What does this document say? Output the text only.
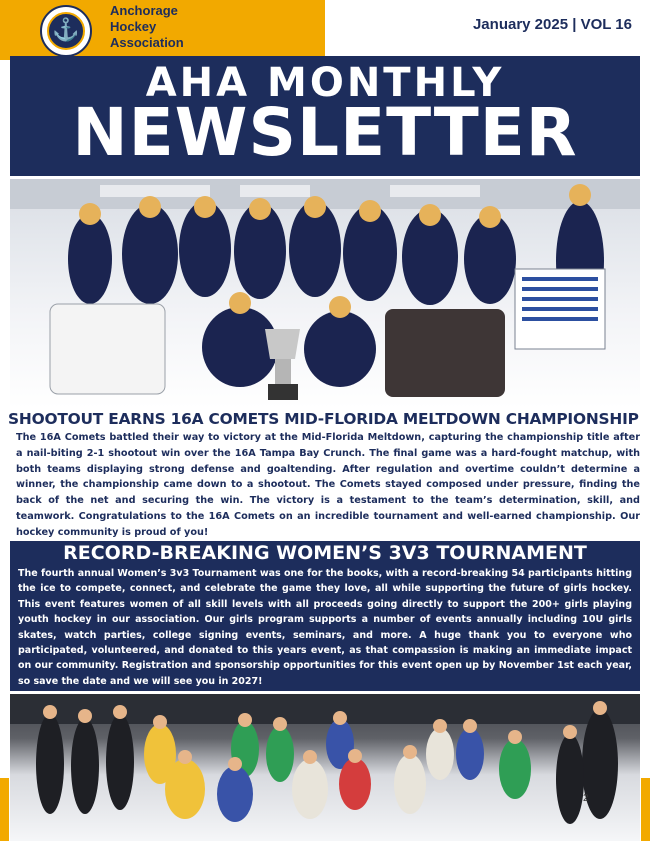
⚓
Anchorage
Hockey
Association
January 2025 | VOL 16
AHA MONTHLY
NEWSLETTER
SHOOTOUT EARNS 16A COMETS MID-FLORIDA MELTDOWN CHAMPIONSHIP
The 16A Comets battled their way to victory at the Mid-Florida Meltdown, capturing the championship title after a nail-biting 2-1 shootout win over the 16A Tampa Bay Crunch. The final game was a hard-fought matchup, with both teams displaying strong defense and goaltending. After regulation and overtime couldn’t determine a winner, the championship came down to a shootout. The Comets stayed composed under pressure, finding the back of the net and securing the win. The victory is a testament to the team’s determination, skill, and teamwork. Congratulations to the 16A Comets on an incredible tournament and well-earned championship. Our hockey community is proud of you!
RECORD-BREAKING WOMEN’S 3V3 TOURNAMENT
The fourth annual Women’s 3v3 Tournament was one for the books, with a record-breaking 54 participants hitting the ice to compete, connect, and celebrate the game they love, all while supporting the future of girls hockey. This event features women of all skill levels with all proceeds going directly to support the 200+ girls playing youth hockey in our association. Our girls program supports a number of events annually including 10U girls skates, watch parties, college signing events, seminars, and more. A huge thank you to everyone who participated, volunteered, and donated to this years event, as that compassion is making an immediate impact on our community. Registration and sponsorship opportunities for this event open up by November 1st each year, so save the date and we will see you in 2027!
2
